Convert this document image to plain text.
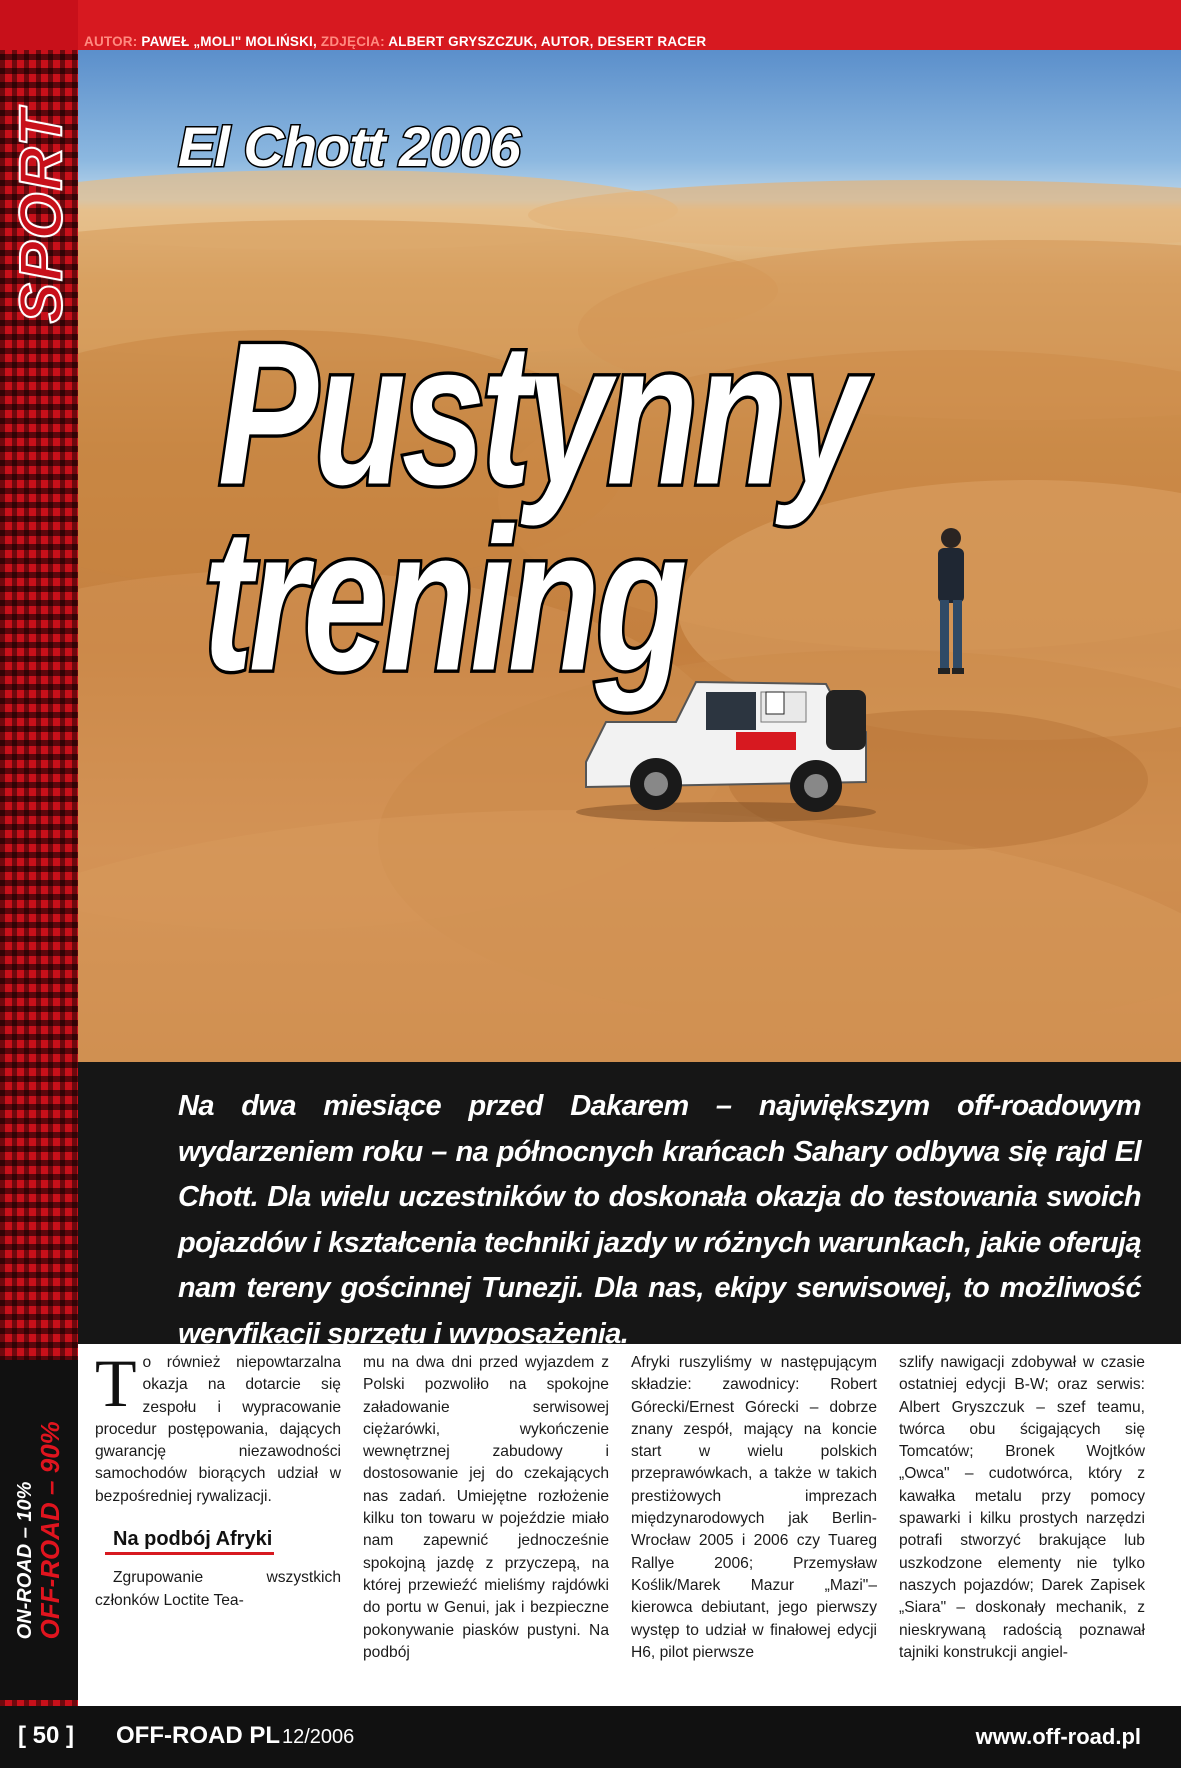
SPORT
ON-ROAD – 10% OFF-ROAD – 90%
AUTOR: PAWEŁ „MOLI" MOLIŃSKI, ZDJĘCIA: ALBERT GRYSZCZUK, AUTOR, DESERT RACER
El Chott 2006
Pustynny
trening

Na dwa miesiące przed Dakarem – największym off-roadowym wydarzeniem roku – na północnych krańcach Sahary odbywa się rajd El Chott. Dla wielu uczestników to doskonała okazja do testowania swoich pojazdów i kształcenia techniki jazdy w różnych warunkach, jakie oferują nam tereny gościnnej Tunezji. Dla nas, ekipy serwisowej, to możliwość weryfikacji sprzętu i wyposażenia.

T o również niepowtarzalna okazja na dotarcie się zespołu i wypracowanie procedur postępowania, dających gwarancję niezawodności samochodów biorących udział w bezpośredniej rywalizacji.

Na podbój Afryki

Zgrupowanie wszystkich członków Loctite Tea-

mu na dwa dni przed wyjazdem z Polski pozwoliło na spokojne załadowanie serwisowej ciężarówki, wykończenie wewnętrznej zabudowy i dostosowanie jej do czekających nas zadań. Umiejętne rozłożenie kilku ton towaru w pojeździe miało nam zapewnić jednocześnie spokojną jazdę z przyczepą, na której przewieźć mieliśmy rajdówki do portu w Genui, jak i bezpieczne pokonywanie piasków pustyni. Na podbój

Afryki ruszyliśmy w następującym składzie: zawodnicy: Robert Górecki/Ernest Górecki – dobrze znany zespół, mający na koncie start w wielu polskich przeprawówkach, a także w takich prestiżowych imprezach międzynarodowych jak Berlin-Wrocław 2005 i 2006 czy Tuareg Rallye 2006; Przemysław Koślik/Marek Mazur „Mazi"– kierowca debiutant, jego pierwszy występ to udział w finałowej edycji H6, pilot pierwsze

szlify nawigacji zdobywał w czasie ostatniej edycji B-W; oraz serwis: Albert Gryszczuk – szef teamu, twórca obu ścigających się Tomcatów; Bronek Wojtków „Owca" – cudotwórca, który z kawałka metalu przy pomocy spawarki i kilku prostych narzędzi potrafi stworzyć brakujące lub uszkodzone elementy nie tylko naszych pojazdów; Darek Zapisek „Siara" – doskonały mechanik, z nieskrywaną radością poznawał tajniki konstrukcji angiel-

[ 50 ] OFF-ROAD PL 12/2006	www.off-road.pl
